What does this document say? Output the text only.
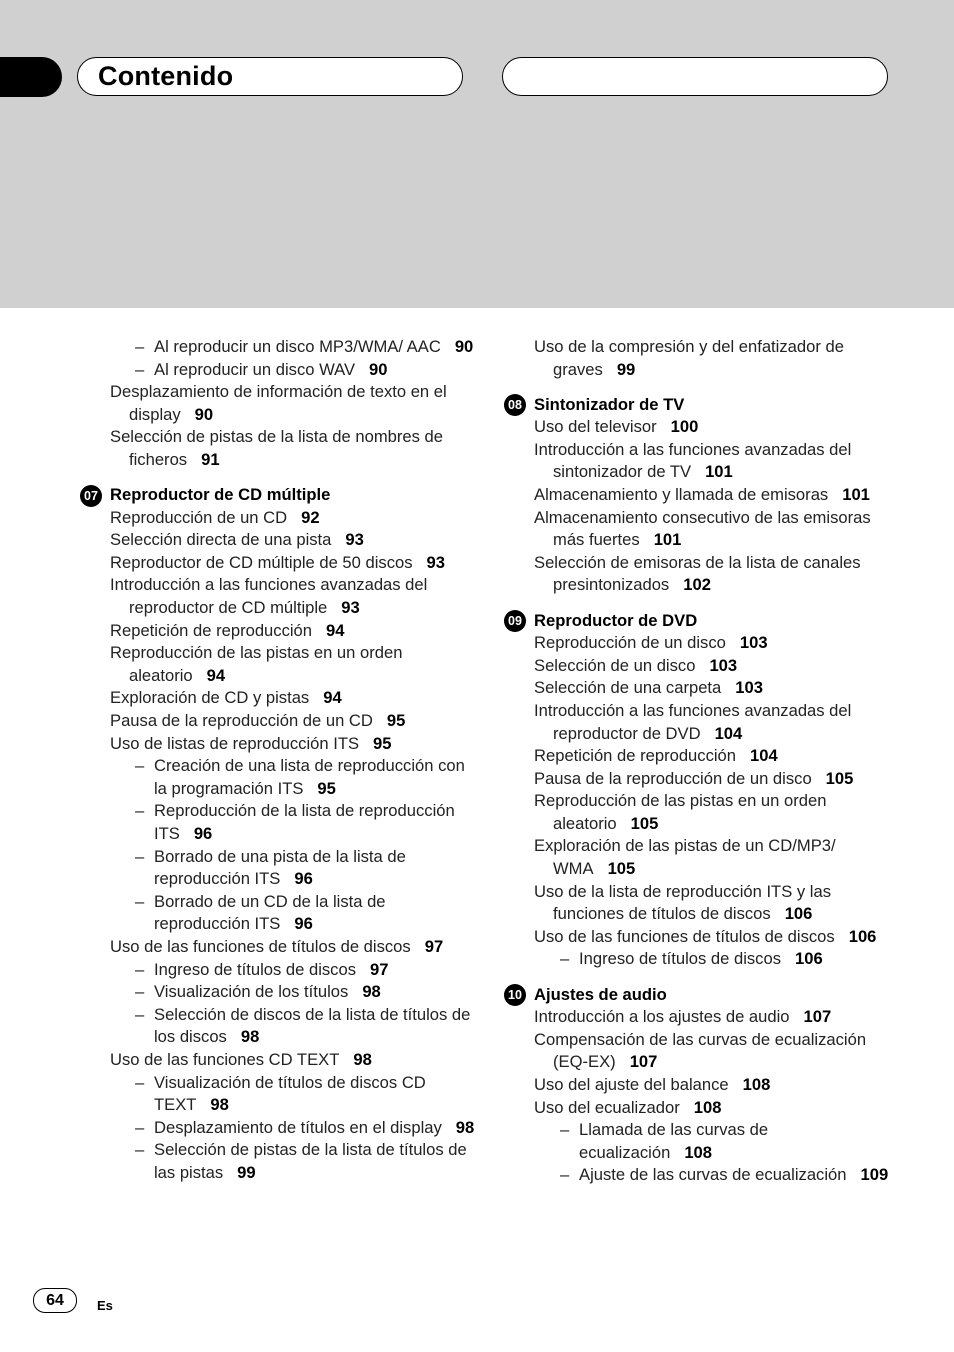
Contenido
– Al reproducir un disco MP3/WMA/ AAC 90
– Al reproducir un disco WAV 90
Desplazamiento de información de texto en el display 90
Selección de pistas de la lista de nombres de ficheros 91
07 Reproductor de CD múltiple
Reproducción de un CD 92
Selección directa de una pista 93
Reproductor de CD múltiple de 50 discos 93
Introducción a las funciones avanzadas del reproductor de CD múltiple 93
Repetición de reproducción 94
Reproducción de las pistas en un orden aleatorio 94
Exploración de CD y pistas 94
Pausa de la reproducción de un CD 95
Uso de listas de reproducción ITS 95
– Creación de una lista de reproducción con la programación ITS 95
– Reproducción de la lista de reproducción ITS 96
– Borrado de una pista de la lista de reproducción ITS 96
– Borrado de un CD de la lista de reproducción ITS 96
Uso de las funciones de títulos de discos 97
– Ingreso de títulos de discos 97
– Visualización de los títulos 98
– Selección de discos de la lista de títulos de los discos 98
Uso de las funciones CD TEXT 98
– Visualización de títulos de discos CD TEXT 98
– Desplazamiento de títulos en el display 98
– Selección de pistas de la lista de títulos de las pistas 99
Uso de la compresión y del enfatizador de graves 99
08 Sintonizador de TV
Uso del televisor 100
Introducción a las funciones avanzadas del sintonizador de TV 101
Almacenamiento y llamada de emisoras 101
Almacenamiento consecutivo de las emisoras más fuertes 101
Selección de emisoras de la lista de canales presintonizados 102
09 Reproductor de DVD
Reproducción de un disco 103
Selección de un disco 103
Selección de una carpeta 103
Introducción a las funciones avanzadas del reproductor de DVD 104
Repetición de reproducción 104
Pausa de la reproducción de un disco 105
Reproducción de las pistas en un orden aleatorio 105
Exploración de las pistas de un CD/MP3/ WMA 105
Uso de la lista de reproducción ITS y las funciones de títulos de discos 106
Uso de las funciones de títulos de discos 106
– Ingreso de títulos de discos 106
10 Ajustes de audio
Introducción a los ajustes de audio 107
Compensación de las curvas de ecualización (EQ-EX) 107
Uso del ajuste del balance 108
Uso del ecualizador 108
– Llamada de las curvas de ecualización 108
– Ajuste de las curvas de ecualización 109
64	Es
